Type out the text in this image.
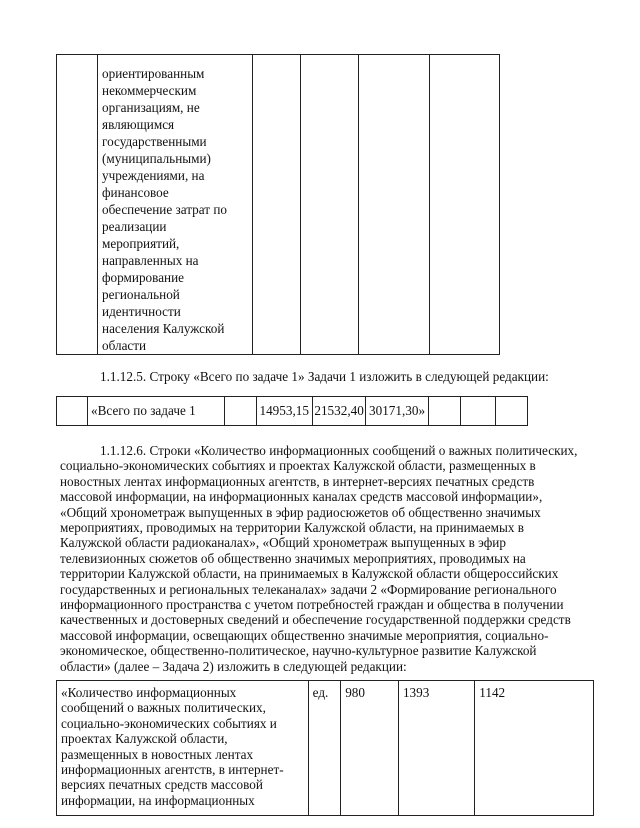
ориентированным
некоммерческим
организациям, не
являющимся
государственными
(муниципальными)
учреждениями, на
финансовое
обеспечение затрат по
реализации
мероприятий,
направленных на
формирование
региональной
идентичности
населения Калужской
области

1.1.12.5. Строку «Всего по задаче 1» Задачи 1 изложить в следующей редакции:
	«Всего по задаче 1		14953,15	21532,40	30171,30»			
1.1.12.6. Строки «Количество информационных сообщений о важных политических,
социально-экономических событиях и проектах Калужской области, размещенных в
новостных лентах информационных агентств, в интернет-версиях печатных средств
массовой информации, на информационных каналах средств массовой информации»,
«Общий хронометраж выпущенных в эфир радиосюжетов об общественно значимых
мероприятиях, проводимых на территории Калужской области, на принимаемых в
Калужской области радиоканалах», «Общий хронометраж выпущенных в эфир
телевизионных сюжетов об общественно значимых мероприятиях, проводимых на
территории Калужской области, на принимаемых в Калужской области общероссийских
государственных и региональных телеканалах» задачи 2 «Формирование регионального
информационного пространства с учетом потребностей граждан и общества в получении
качественных и достоверных сведений и обеспечение государственной поддержки средств
массовой информации, освещающих общественно значимые мероприятия, социально-
экономическое, общественно-политическое, научно-культурное развитие Калужской
области» (далее – Задача 2) изложить в следующей редакции:
«Количество информационных
сообщений о важных политических,
социально-экономических событиях и
проектах Калужской области,
размещенных в новостных лентах
информационных агентств, в интернет-
версиях печатных средств массовой
информации, на информационных
	ед.	980	1393	1142
